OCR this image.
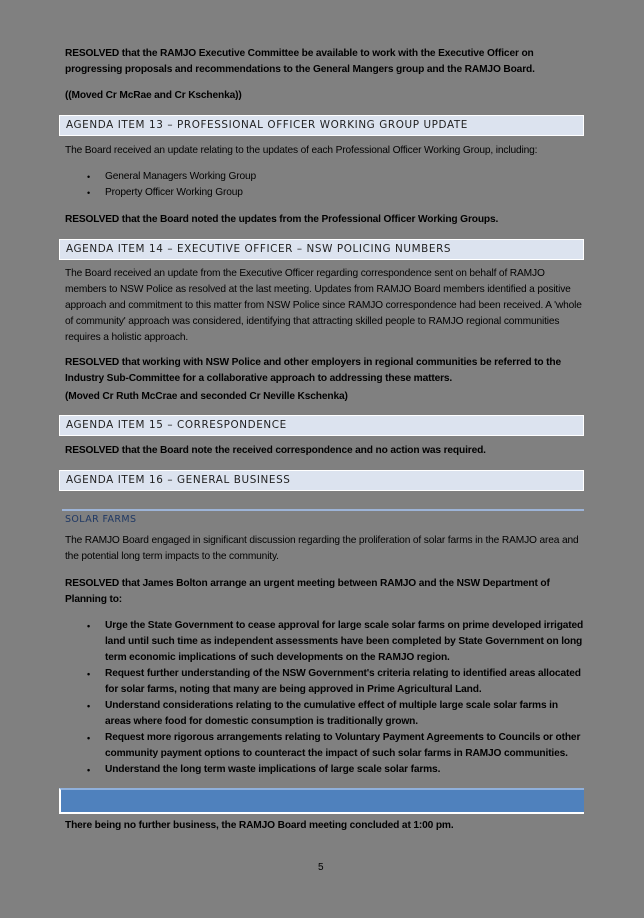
RESOLVED that the RAMJO Executive Committee be available to work with the Executive Officer on progressing proposals and recommendations to the General Mangers group and the RAMJO Board.
((Moved Cr McRae and Cr Kschenka))
AGENDA ITEM 13 – PROFESSIONAL OFFICER WORKING GROUP UPDATE
The Board received an update relating to the updates of each Professional Officer Working Group, including:
• General Managers Working Group
• Property Officer Working Group
RESOLVED that the Board noted the updates from the Professional Officer Working Groups.
AGENDA ITEM 14 – EXECUTIVE OFFICER – NSW POLICING NUMBERS
The Board received an update from the Executive Officer regarding correspondence sent on behalf of RAMJO members to NSW Police as resolved at the last meeting. Updates from RAMJO Board members identified a positive approach and commitment to this matter from NSW Police since RAMJO correspondence had been received. A 'whole of community' approach was considered, identifying that attracting skilled people to RAMJO regional communities requires a holistic approach.
RESOLVED that working with NSW Police and other employers in regional communities be referred to the Industry Sub-Committee for a collaborative approach to addressing these matters.
(Moved Cr Ruth McCrae and seconded Cr Neville Kschenka)
AGENDA ITEM 15 – CORRESPONDENCE
RESOLVED that the Board note the received correspondence and no action was required.
AGENDA ITEM 16 – GENERAL BUSINESS
SOLAR FARMS
The RAMJO Board engaged in significant discussion regarding the proliferation of solar farms in the RAMJO area and the potential long term impacts to the community.
RESOLVED that James Bolton arrange an urgent meeting between RAMJO and the NSW Department of Planning to:
• Urge the State Government to cease approval for large scale solar farms on prime developed irrigated land until such time as independent assessments have been completed by State Government on long term economic implications of such developments on the RAMJO region.
• Request further understanding of the NSW Government's criteria relating to identified areas allocated for solar farms, noting that many are being approved in Prime Agricultural Land.
• Understand considerations relating to the cumulative effect of multiple large scale solar farms in areas where food for domestic consumption is traditionally grown.
• Request more rigorous arrangements relating to Voluntary Payment Agreements to Councils or other community payment options to counteract the impact of such solar farms in RAMJO communities.
• Understand the long term waste implications of large scale solar farms.
There being no further business, the RAMJO Board meeting concluded at 1:00 pm.
5
